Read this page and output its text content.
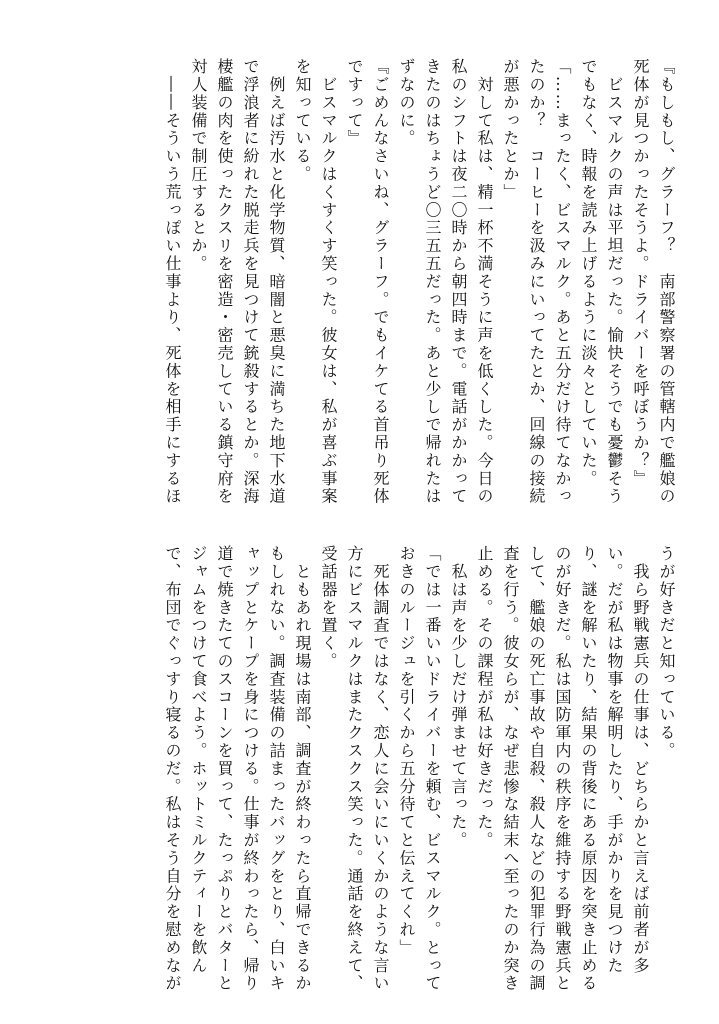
『もしもし、グラーフ？　南部警察署の管轄内で艦娘の
死体が見つかったそうよ。ドライバーを呼ぼうか？』
　ビスマルクの声は平坦だった。愉快そうでも憂鬱そう
でもなく、時報を読み上げるように淡々としていた。
「……まったく、ビスマルク。あと五分だけ待てなかっ
たのか？　コーヒーを汲みにいってたとか、回線の接続
が悪かったとか」
　対して私は、精一杯不満そうに声を低くした。今日の
私のシフトは夜二〇時から朝四時まで。電話がかかって
きたのはちょうど〇三五五だった。あと少しで帰れたは
ずなのに。
『ごめんなさいね、グラーフ。でもイケてる首吊り死体
ですって』
　ビスマルクはくすくす笑った。彼女は、私が喜ぶ事案
を知っている。
　例えば汚水と化学物質、暗闇と悪臭に満ちた地下水道
で浮浪者に紛れた脱走兵を見つけて銃殺するとか。深海
棲艦の肉を使ったクスリを密造・密売している鎮守府を
対人装備で制圧するとか。
　――そういう荒っぽい仕事より、死体を相手にするほ
うが好きだと知っている。
　我ら野戦憲兵の仕事は、どちらかと言えば前者が多
い。だが私は物事を解明したり、手がかりを見つけた
り、謎を解いたり、結果の背後にある原因を突き止める
のが好きだ。私は国防軍内の秩序を維持する野戦憲兵と
して、艦娘の死亡事故や自殺、殺人などの犯罪行為の調
査を行う。彼女らが、なぜ悲惨な結末へ至ったのか突き
止める。その課程が私は好きだった。
　私は声を少しだけ弾ませて言った。
「では一番いいドライバーを頼む、ビスマルク。とって
おきのルージュを引くから五分待てと伝えてくれ」
　死体調査ではなく、恋人に会いにいくかのような言い
方にビスマルクはまたクスクス笑った。通話を終えて、
受話器を置く。
　ともあれ現場は南部、調査が終わったら直帰できるか
もしれない。調査装備の詰まったバッグをとり、白いキ
ャップとケープを身につける。仕事が終わったら、帰り
道で焼きたてのスコーンを買って、たっぷりとバターと
ジャムをつけて食べよう。ホットミルクティーを飲ん
で、布団でぐっすり寝るのだ。私はそう自分を慰めなが
